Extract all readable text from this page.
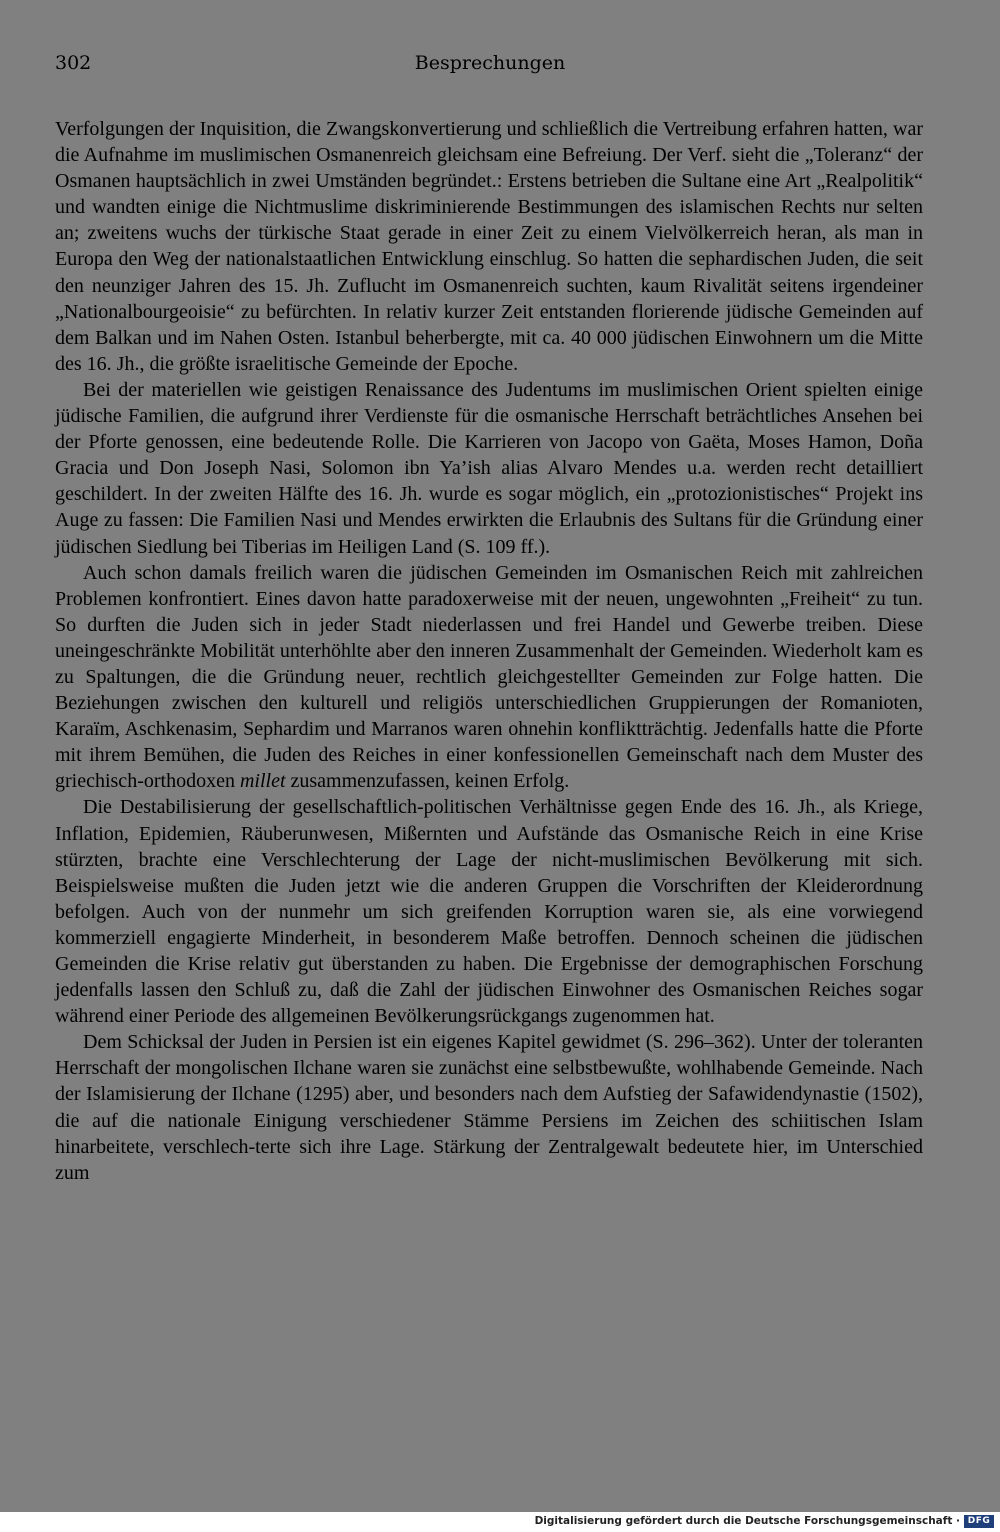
302	Besprechungen

Verfolgungen der Inquisition, die Zwangskonvertierung und schließlich die Vertreibung erfahren hatten, war die Aufnahme im muslimischen Osmanenreich gleichsam eine Befreiung. Der Verf. sieht die „Toleranz“ der Osmanen hauptsächlich in zwei Umständen begründet.: Erstens betrieben die Sultane eine Art „Realpolitik“ und wandten einige die Nichtmuslime diskriminierende Bestimmungen des islamischen Rechts nur selten an; zweitens wuchs der türkische Staat gerade in einer Zeit zu einem Vielvölkerreich heran, als man in Europa den Weg der nationalstaatlichen Entwicklung einschlug. So hatten die sephardischen Juden, die seit den neunziger Jahren des 15. Jh. Zuflucht im Osmanenreich suchten, kaum Rivalität seitens irgendeiner „Nationalbourgeoisie“ zu befürchten. In relativ kurzer Zeit entstanden florierende jüdische Gemeinden auf dem Balkan und im Nahen Osten. Istanbul beherbergte, mit ca. 40 000 jüdischen Einwohnern um die Mitte des 16. Jh., die größte israelitische Gemeinde der Epoche.

Bei der materiellen wie geistigen Renaissance des Judentums im muslimischen Orient spielten einige jüdische Familien, die aufgrund ihrer Verdienste für die osmanische Herrschaft beträchtliches Ansehen bei der Pforte genossen, eine bedeutende Rolle. Die Karrieren von Jacopo von Gaëta, Moses Hamon, Doña Gracia und Don Joseph Nasi, Solomon ibn Ya’ish alias Alvaro Mendes u.a. werden recht detailliert geschildert. In der zweiten Hälfte des 16. Jh. wurde es sogar möglich, ein „protozionistisches“ Projekt ins Auge zu fassen: Die Familien Nasi und Mendes erwirkten die Erlaubnis des Sultans für die Gründung einer jüdischen Siedlung bei Tiberias im Heiligen Land (S. 109 ff.).

Auch schon damals freilich waren die jüdischen Gemeinden im Osmanischen Reich mit zahlreichen Problemen konfrontiert. Eines davon hatte paradoxerweise mit der neuen, ungewohnten „Freiheit“ zu tun. So durften die Juden sich in jeder Stadt niederlassen und frei Handel und Gewerbe treiben. Diese uneingeschränkte Mobilität unterhöhlte aber den inneren Zusammenhalt der Gemeinden. Wiederholt kam es zu Spaltungen, die die Gründung neuer, rechtlich gleichgestellter Gemeinden zur Folge hatten. Die Beziehungen zwischen den kulturell und religiös unterschiedlichen Gruppierungen der Romanioten, Karaïm, Aschkenasim, Sephardim und Marranos waren ohnehin konfliktträchtig. Jedenfalls hatte die Pforte mit ihrem Bemühen, die Juden des Reiches in einer konfessionellen Gemeinschaft nach dem Muster des griechisch-orthodoxen millet zusammenzufassen, keinen Erfolg.

Die Destabilisierung der gesellschaftlich-politischen Verhältnisse gegen Ende des 16. Jh., als Kriege, Inflation, Epidemien, Räuberunwesen, Mißernten und Aufstände das Osmanische Reich in eine Krise stürzten, brachte eine Verschlechterung der Lage der nicht-muslimischen Bevölkerung mit sich. Beispielsweise mußten die Juden jetzt wie die anderen Gruppen die Vorschriften der Kleiderordnung befolgen. Auch von der nunmehr um sich greifenden Korruption waren sie, als eine vorwiegend kommerziell engagierte Minderheit, in besonderem Maße betroffen. Dennoch scheinen die jüdischen Gemeinden die Krise relativ gut überstanden zu haben. Die Ergebnisse der demographischen Forschung jedenfalls lassen den Schluß zu, daß die Zahl der jüdischen Einwohner des Osmanischen Reiches sogar während einer Periode des allgemeinen Bevölkerungsrückgangs zugenommen hat.

Dem Schicksal der Juden in Persien ist ein eigenes Kapitel gewidmet (S. 296–362). Unter der toleranten Herrschaft der mongolischen Ilchane waren sie zunächst eine selbstbewußte, wohlhabende Gemeinde. Nach der Islamisierung der Ilchane (1295) aber, und besonders nach dem Aufstieg der Safawidendynastie (1502), die auf die nationale Einigung verschiedener Stämme Persiens im Zeichen des schiitischen Islam hinarbeitete, verschlech-terte sich ihre Lage. Stärkung der Zentralgewalt bedeutete hier, im Unterschied zum

Digitalisierung gefördert durch die Deutsche Forschungsgemeinschaft · DFG
